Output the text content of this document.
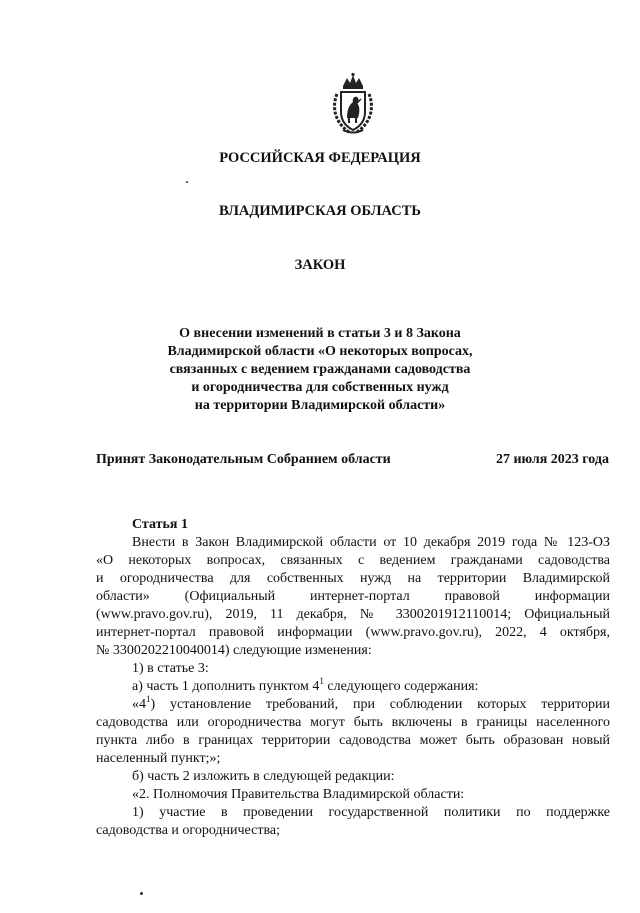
РОССИЙСКАЯ ФЕДЕРАЦИЯ
ВЛАДИМИРСКАЯ ОБЛАСТЬ
ЗАКОН
О внесении изменений в статьи 3 и 8 Закона
Владимирской области «О некоторых вопросах,
связанных с ведением гражданами садоводства
и огородничества для собственных нужд
на территории Владимирской области»
Принят Законодательным Собранием области	27 июля 2023 года
Статья 1
Внести в Закон Владимирской области от 10 декабря 2019 года № 123-ОЗ
«О некоторых вопросах, связанных с ведением гражданами садоводства
и огородничества для собственных нужд на территории Владимирской
области» (Официальный интернет-портал правовой информации
(www.pravo.gov.ru), 2019, 11 декабря, № 3300201912110014; Официальный
интернет-портал правовой информации (www.pravo.gov.ru), 2022, 4 октября,
№ 3300202210040014) следующие изменения:
1) в статье 3:
а) часть 1 дополнить пунктом $4^1$ следующего содержания:
«$4^1$) установление требований, при соблюдении которых территории
садоводства или огородничества могут быть включены в границы населенного
пункта либо в границах территории садоводства может быть образован новый
населенный пункт;»;
б) часть 2 изложить в следующей редакции:
«2. Полномочия Правительства Владимирской области:
1) участие в проведении государственной политики по поддержке
садоводства и огородничества;
